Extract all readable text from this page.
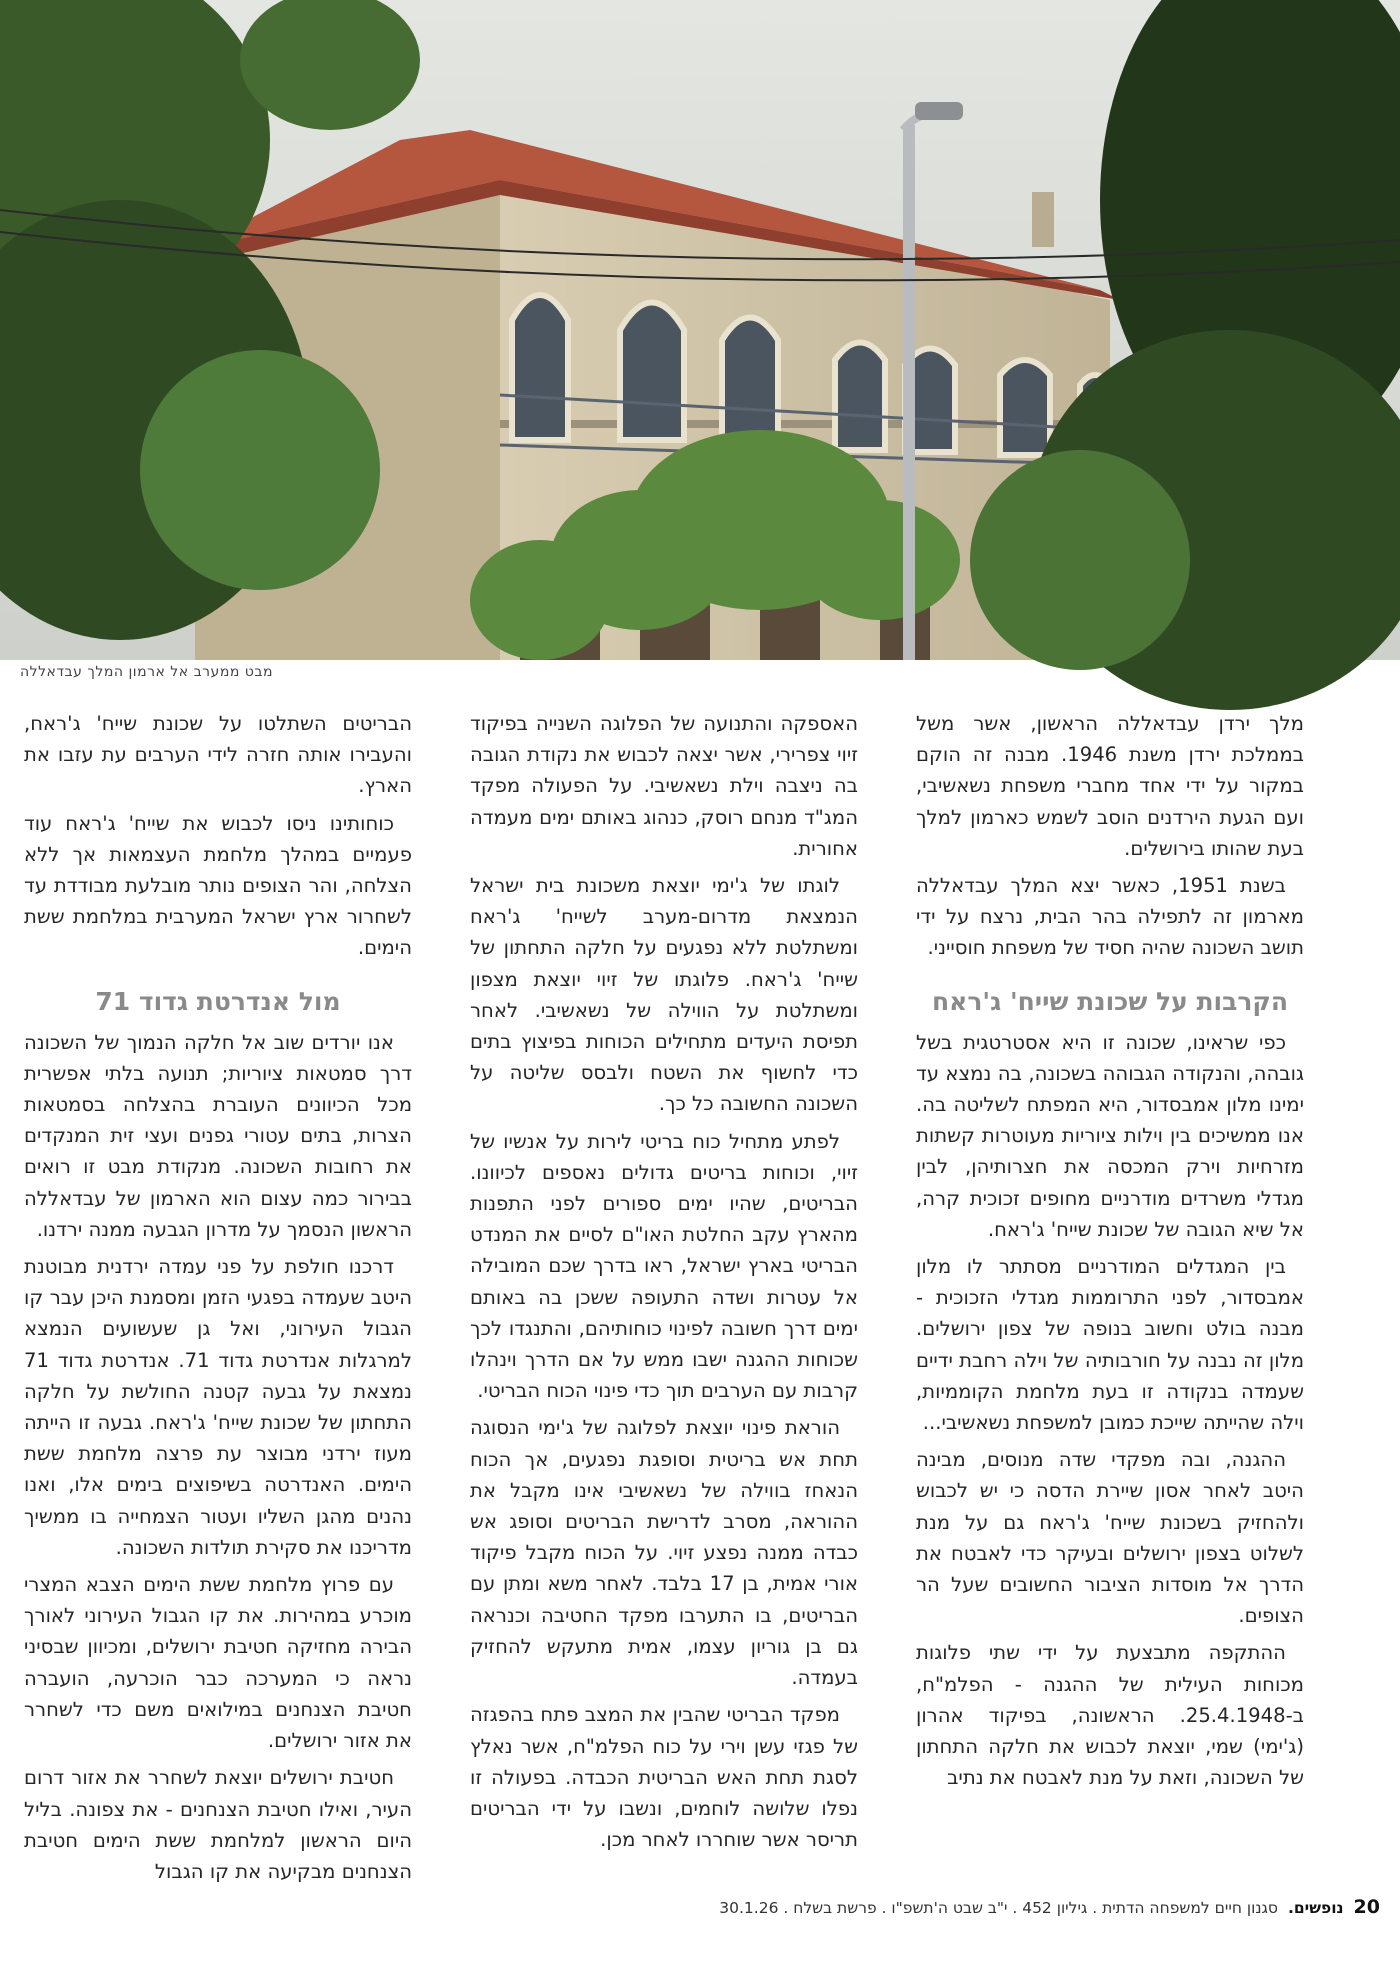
מבט ממערב אל ארמון המלך עבדאללה

מלך ירדן עבדאללה הראשון, אשר משל בממלכת ירדן משנת 1946. מבנה זה הוקם במקור על ידי אחד מחברי משפחת נשאשיבי, ועם הגעת הירדנים הוסב לשמש כארמון למלך בעת שהותו בירושלים.

בשנת 1951, כאשר יצא המלך עבדאללה מארמון זה לתפילה בהר הבית, נרצח על ידי תושב השכונה שהיה חסיד של משפחת חוסייני.

הקרבות על שכונת שייח' ג'ראח

כפי שראינו, שכונה זו היא אסטרטגית בשל גובהה, והנקודה הגבוהה בשכונה, בה נמצא עד ימינו מלון אמבסדור, היא המפתח לשליטה בה. אנו ממשיכים בין וילות ציוריות מעוטרות קשתות מזרחיות וירק המכסה את חצרותיהן, לבין מגדלי משרדים מודרניים מחופים זכוכית קרה, אל שיא הגובה של שכונת שייח' ג'ראח.

בין המגדלים המודרניים מסתתר לו מלון אמבסדור, לפני התרוממות מגדלי הזכוכית - מבנה בולט וחשוב בנופה של צפון ירושלים. מלון זה נבנה על חורבותיה של וילה רחבת ידיים שעמדה בנקודה זו בעת מלחמת הקוממיות, וילה שהייתה שייכת כמובן למשפחת נשאשיבי...

ההגנה, ובה מפקדי שדה מנוסים, מבינה היטב לאחר אסון שיירת הדסה כי יש לכבוש ולהחזיק בשכונת שייח' ג'ראח גם על מנת לשלוט בצפון ירושלים ובעיקר כדי לאבטח את הדרך אל מוסדות הציבור החשובים שעל הר הצופים.

ההתקפה מתבצעת על ידי שתי פלוגות מכוחות העילית של ההגנה - הפלמ"ח, ב-25.4.1948. הראשונה, בפיקוד אהרון (ג'ימי) שמי, יוצאת לכבוש את חלקה התחתון של השכונה, וזאת על מנת לאבטח את נתיב

האספקה והתנועה של הפלוגה השנייה בפיקוד זיוי צפרירי, אשר יצאה לכבוש את נקודת הגובה בה ניצבה וילת נשאשיבי. על הפעולה מפקד המג"ד מנחם רוסק, כנהוג באותם ימים מעמדה אחורית.

לוגתו של ג'ימי יוצאת משכונת בית ישראל הנמצאת מדרום-מערב לשייח' ג'ראח ומשתלטת ללא נפגעים על חלקה התחתון של שייח' ג'ראח. פלוגתו של זיוי יוצאת מצפון ומשתלטת על הווילה של נשאשיבי. לאחר תפיסת היעדים מתחילים הכוחות בפיצוץ בתים כדי לחשוף את השטח ולבסס שליטה על השכונה החשובה כל כך.

לפתע מתחיל כוח בריטי לירות על אנשיו של זיוי, וכוחות בריטים גדולים נאספים לכיוונו. הבריטים, שהיו ימים ספורים לפני התפנות מהארץ עקב החלטת האו"ם לסיים את המנדט הבריטי בארץ ישראל, ראו בדרך שכם המובילה אל עטרות ושדה התעופה ששכן בה באותם ימים דרך חשובה לפינוי כוחותיהם, והתנגדו לכך שכוחות ההגנה ישבו ממש על אם הדרך וינהלו קרבות עם הערבים תוך כדי פינוי הכוח הבריטי.

הוראת פינוי יוצאת לפלוגה של ג'ימי הנסוגה תחת אש בריטית וסופגת נפגעים, אך הכוח הנאחז בווילה של נשאשיבי אינו מקבל את ההוראה, מסרב לדרישת הבריטים וסופג אש כבדה ממנה נפצע זיוי. על הכוח מקבל פיקוד אורי אמית, בן 17 בלבד. לאחר משא ומתן עם הבריטים, בו התערבו מפקד החטיבה וכנראה גם בן גוריון עצמו, אמית מתעקש להחזיק בעמדה.

מפקד הבריטי שהבין את המצב פתח בהפגזה של פגזי עשן וירי על כוח הפלמ"ח, אשר נאלץ לסגת תחת האש הבריטית הכבדה. בפעולה זו נפלו שלושה לוחמים, ונשבו על ידי הבריטים תריסר אשר שוחררו לאחר מכן.

הבריטים השתלטו על שכונת שייח' ג'ראח, והעבירו אותה חזרה לידי הערבים עת עזבו את הארץ.

כוחותינו ניסו לכבוש את שייח' ג'ראח עוד פעמיים במהלך מלחמת העצמאות אך ללא הצלחה, והר הצופים נותר מובלעת מבודדת עד לשחרור ארץ ישראל המערבית במלחמת ששת הימים.

מול אנדרטת גדוד 71

אנו יורדים שוב אל חלקה הנמוך של השכונה דרך סמטאות ציוריות; תנועה בלתי אפשרית מכל הכיוונים העוברת בהצלחה בסמטאות הצרות, בתים עטורי גפנים ועצי זית המנקדים את רחובות השכונה. מנקודת מבט זו רואים בבירור כמה עצום הוא הארמון של עבדאללה הראשון הנסמך על מדרון הגבעה ממנה ירדנו.

דרכנו חולפת על פני עמדה ירדנית מבוטנת היטב שעמדה בפגעי הזמן ומסמנת היכן עבר קו הגבול העירוני, ואל גן שעשועים הנמצא למרגלות אנדרטת גדוד 71. אנדרטת גדוד 71 נמצאת על גבעה קטנה החולשת על חלקה התחתון של שכונת שייח' ג'ראח. גבעה זו הייתה מעוז ירדני מבוצר עת פרצה מלחמת ששת הימים. האנדרטה בשיפוצים בימים אלו, ואנו נהנים מהגן השליו ועטור הצמחייה בו ממשיך מדריכנו את סקירת תולדות השכונה.

עם פרוץ מלחמת ששת הימים הצבא המצרי מוכרע במהירות. את קו הגבול העירוני לאורך הבירה מחזיקה חטיבת ירושלים, ומכיוון שבסיני נראה כי המערכה כבר הוכרעה, הועברה חטיבת הצנחנים במילואים משם כדי לשחרר את אזור ירושלים.

חטיבת ירושלים יוצאת לשחרר את אזור דרום העיר, ואילו חטיבת הצנחנים - את צפונה. בליל היום הראשון למלחמת ששת הימים חטיבת הצנחנים מבקיעה את קו הגבול

20
נופשים.
סגנון חיים למשפחה הדתית . גיליון 452 . י"ב שבט ה'תשפ"ו . פרשת בשלח . 30.1.26
